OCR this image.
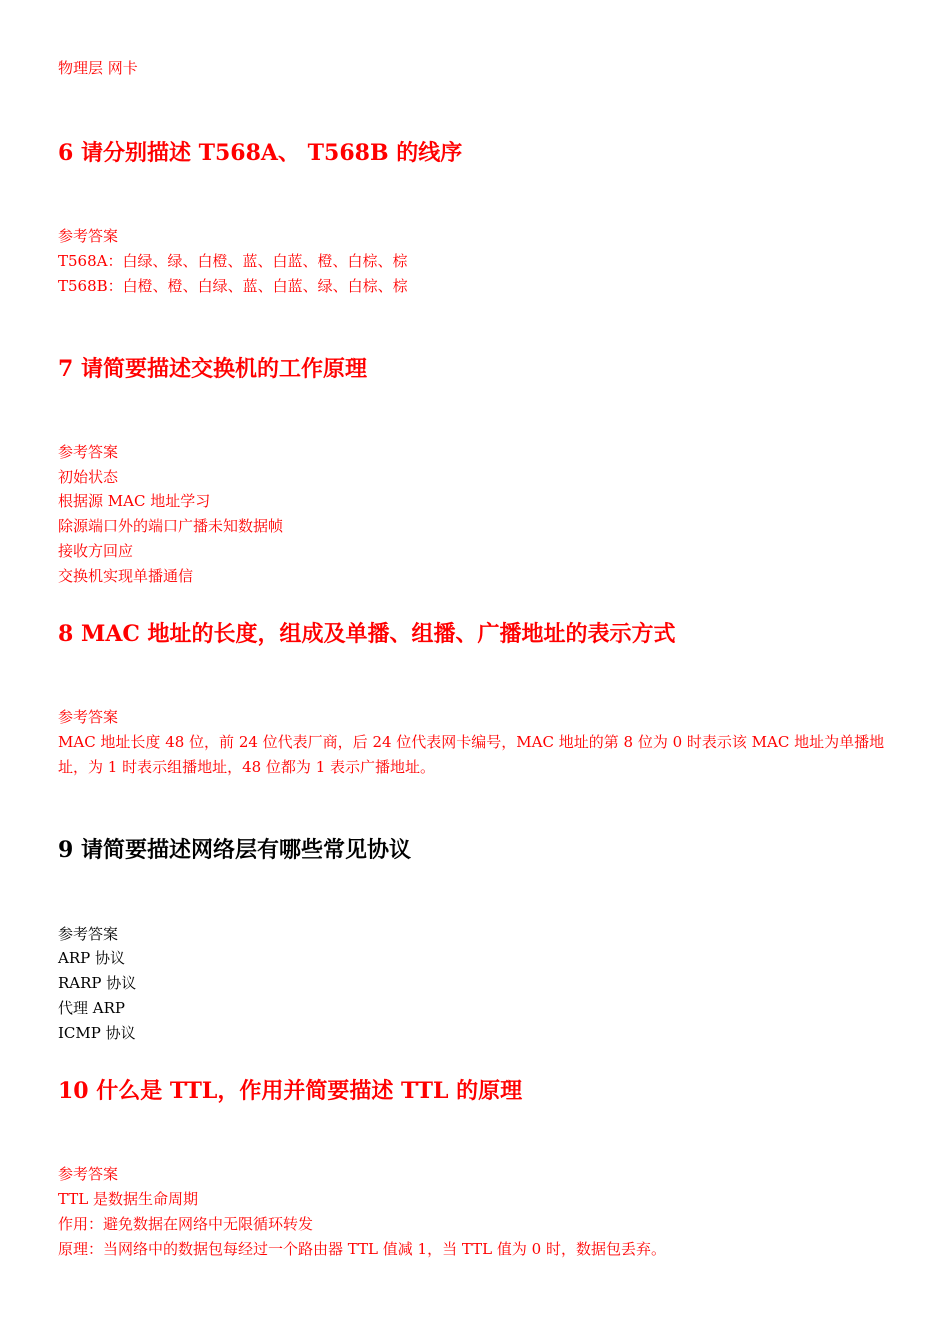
物理层 网卡

6 请分别描述 T568A、 T568B 的线序

参考答案

T568A：白绿、绿、白橙、蓝、白蓝、橙、白棕、棕

T568B：白橙、橙、白绿、蓝、白蓝、绿、白棕、棕

7 请简要描述交换机的工作原理

参考答案

初始状态

根据源 MAC 地址学习

除源端口外的端口广播未知数据帧

接收方回应

交换机实现单播通信

8 MAC 地址的长度，组成及单播、组播、广播地址的表示方式

参考答案

MAC 地址长度 48 位，前 24 位代表厂商，后 24 位代表网卡编号，MAC 地址的第 8 位为 0 时表示该 MAC 地址为单播地址，为 1 时表示组播地址，48 位都为 1 表示广播地址。

9 请简要描述网络层有哪些常见协议

参考答案

ARP 协议

RARP 协议

代理 ARP

ICMP 协议

10 什么是 TTL，作用并简要描述 TTL 的原理

参考答案

TTL 是数据生命周期

作用：避免数据在网络中无限循环转发

原理：当网络中的数据包每经过一个路由器 TTL 值减 1，当 TTL 值为 0 时，数据包丢弃。
